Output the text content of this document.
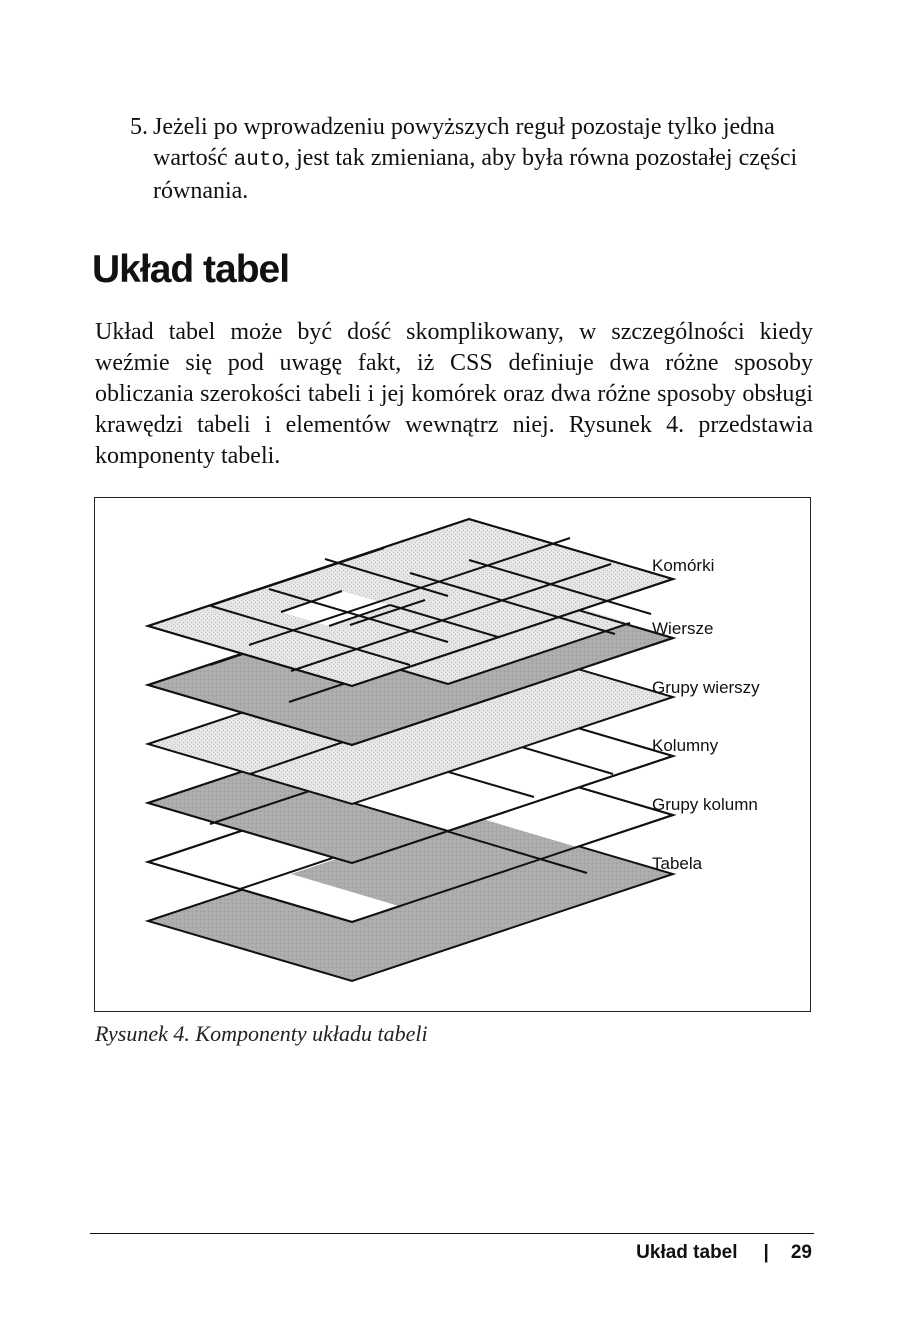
5. Jeżeli po wprowadzeniu powyższych reguł pozostaje tylko jedna wartość auto, jest tak zmieniana, aby była równa pozostałej części równania.
Układ tabel

Układ tabel może być dość skomplikowany, w szczególności kiedy weźmie się pod uwagę fakt, iż CSS definiuje dwa różne sposoby obliczania szerokości tabeli i jej komórek oraz dwa różne sposoby obsługi krawędzi tabeli i elementów wewnątrz niej. Rysunek 4. przedstawia komponenty tabeli.

Komórki
Wiersze
Grupy wierszy
Kolumny
Grupy kolumn
Tabela

Rysunek 4. Komponenty układu tabeli

Układ tabel | 29
